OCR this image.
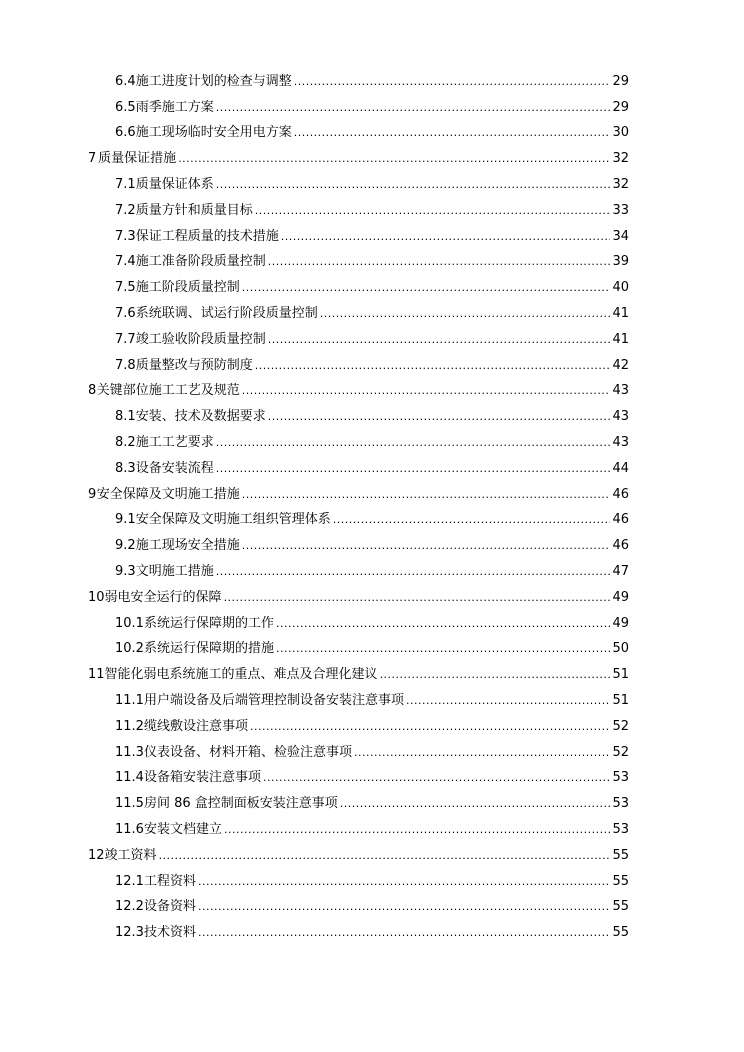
6.4 施工进度计划的检查与调整 .....	29
6.5 雨季施工方案 .....	29
6.6 施工现场临时安全用电方案 .....	30
7 质量保证措施 .....	32
7.1 质量保证体系 .....	32
7.2 质量方针和质量目标 .....	33
7.3 保证工程质量的技术措施 .....	34
7.4 施工准备阶段质量控制 .....	39
7.5 施工阶段质量控制 .....	40
7.6 系统联调、试运行阶段质量控制 .....	41
7.7 竣工验收阶段质量控制 .....	41
7.8 质量整改与预防制度 .....	42
8 关键部位施工工艺及规范 .....	43
8.1 安装、技术及数据要求 .....	43
8.2 施工工艺要求 .....	43
8.3 设备安装流程 .....	44
9 安全保障及文明施工措施 .....	46
9.1 安全保障及文明施工组织管理体系 .....	46
9.2 施工现场安全措施 .....	46
9.3 文明施工措施 .....	47
10 弱电安全运行的保障 .....	49
10.1 系统运行保障期的工作 .....	49
10.2 系统运行保障期的措施 .....	50
11 智能化弱电系统施工的重点、难点及合理化建议 .....	51
11.1 用户端设备及后端管理控制设备安装注意事项 .....	51
11.2 缆线敷设注意事项 .....	52
11.3 仪表设备、材料开箱、检验注意事项 .....	52
11.4 设备箱安装注意事项 .....	53
11.5 房间 86 盒控制面板安装注意事项 .....	53
11.6 安装文档建立 .....	53
12 竣工资料 .....	55
12.1 工程资料 .....	55
12.2 设备资料 .....	55
12.3 技术资料 .....	55
